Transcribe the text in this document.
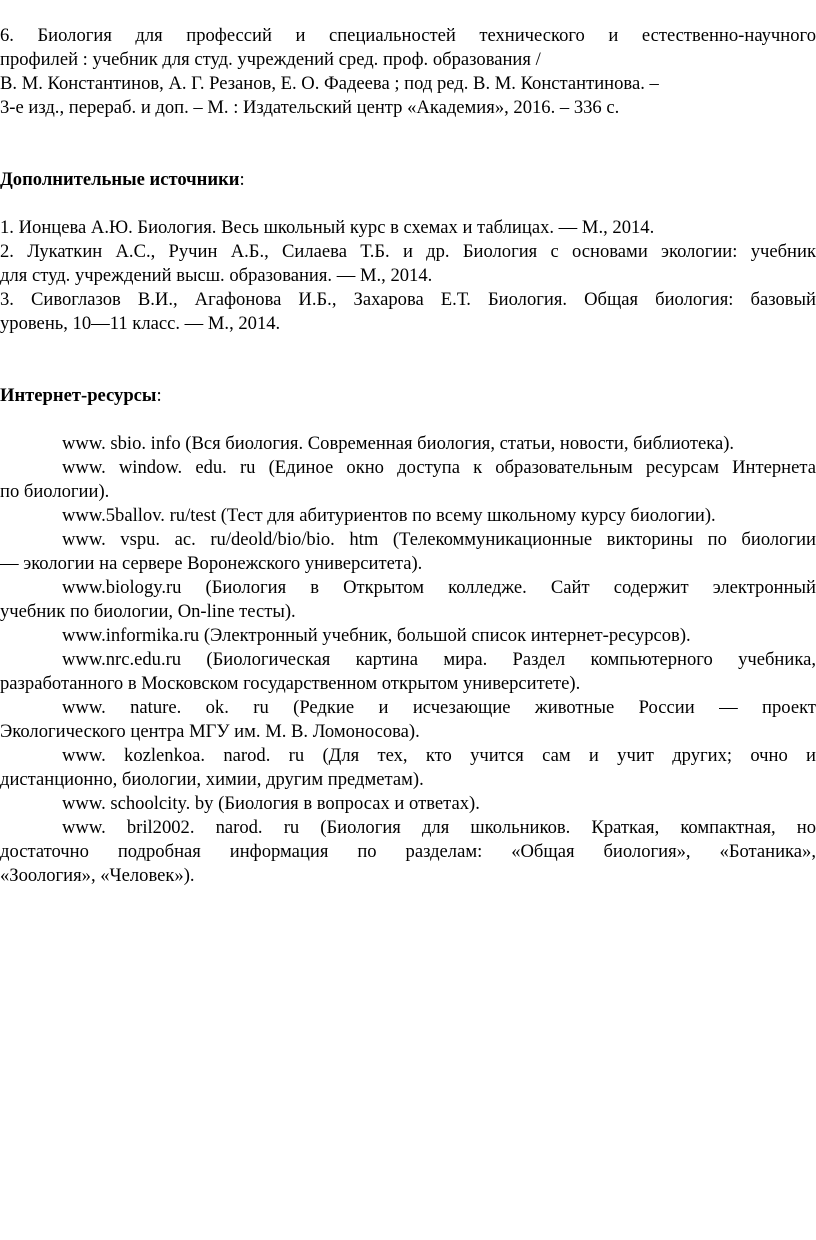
6. Биология для профессий и специальностей технического и естественно-научного
профилей : учебник для студ. учреждений сред. проф. образования /
В. М. Константинов, А. Г. Резанов, Е. О. Фадеева ; под ред. В. М. Константинова. –
3-е изд., перераб. и доп. – М. : Издательский центр «Академия», 2016. – 336 с.

Дополнительные источники:

1. Ионцева А.Ю. Биология. Весь школьный курс в схемах и таблицах. — М., 2014.
2. Лукаткин А.С., Ручин А.Б., Силаева Т.Б. и др. Биология с основами экологии: учебник
для студ. учреждений высш. образования. — М., 2014.
3. Сивоглазов В.И., Агафонова И.Б., Захарова Е.Т. Биология. Общая биология: базовый
уровень, 10—11 класс. — М., 2014.

Интернет-ресурсы:

www. sbio. info (Вся биология. Современная биология, статьи, новости, библиотека).
www. window. edu. ru (Единое окно доступа к образовательным ресурсам Интернета
по биологии).
www.5ballov. ru/test (Тест для абитуриентов по всему школьному курсу биологии).
www. vspu. ac. ru/deold/bio/bio. htm (Телекоммуникационные викторины по биологии
— экологии на сервере Воронежского университета).
www.biology.ru (Биология в Открытом колледже. Сайт содержит электронный
учебник по биологии, On-line тесты).
www.informika.ru (Электронный учебник, большой список интернет-ресурсов).
www.nrc.edu.ru (Биологическая картина мира. Раздел компьютерного учебника,
разработанного в Московском государственном открытом университете).
www. nature. ok. ru (Редкие и исчезающие животные России — проект
Экологического центра МГУ им. М. В. Ломоносова).
www. kozlenkoa. narod. ru (Для тех, кто учится сам и учит других; очно и
дистанционно, биологии, химии, другим предметам).
www. schoolcity. by (Биология в вопросах и ответах).
www. bril2002. narod. ru (Биология для школьников. Краткая, компактная, но
достаточно подробная информация по разделам: «Общая биология», «Ботаника»,
«Зоология», «Человек»).
